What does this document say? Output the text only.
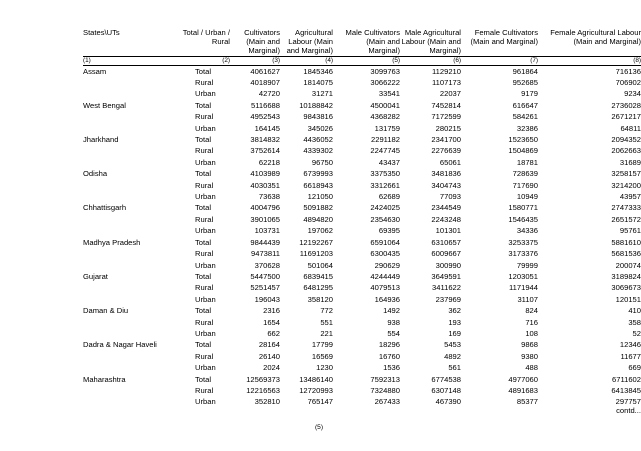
States\UTs	Total / Urban / Rural	Cultivators (Main and Marginal)	Agricultural Labour (Main and Marginal)	Male Cultivators (Main and Marginal)	Male Agricultural Labour (Main and Marginal)	Female Cultivators (Main and Marginal)	Female Agricultural Labour (Main and Marginal)
(1)	(2)	(3)	(4)	(5)	(6)	(7)	(8)
Assam	Total	4061627	1845346	3099763	1129210	961864	716136
	Rural	4018907	1814075	3066222	1107173	952685	706902
	Urban	42720	31271	33541	22037	9179	9234
West Bengal	Total	5116688	10188842	4500041	7452814	616647	2736028
	Rural	4952543	9843816	4368282	7172599	584261	2671217
	Urban	164145	345026	131759	280215	32386	64811
Jharkhand	Total	3814832	4436052	2291182	2341700	1523650	2094352
	Rural	3752614	4339302	2247745	2276639	1504869	2062663
	Urban	62218	96750	43437	65061	18781	31689
Odisha	Total	4103989	6739993	3375350	3481836	728639	3258157
	Rural	4030351	6618943	3312661	3404743	717690	3214200
	Urban	73638	121050	62689	77093	10949	43957
Chhattisgarh	Total	4004796	5091882	2424025	2344549	1580771	2747333
	Rural	3901065	4894820	2354630	2243248	1546435	2651572
	Urban	103731	197062	69395	101301	34336	95761
Madhya Pradesh	Total	9844439	12192267	6591064	6310657	3253375	5881610
	Rural	9473811	11691203	6300435	6009667	3173376	5681536
	Urban	370628	501064	290629	300990	79999	200074
Gujarat	Total	5447500	6839415	4244449	3649591	1203051	3189824
	Rural	5251457	6481295	4079513	3411622	1171944	3069673
	Urban	196043	358120	164936	237969	31107	120151
Daman & Diu	Total	2316	772	1492	362	824	410
	Rural	1654	551	938	193	716	358
	Urban	662	221	554	169	108	52
Dadra & Nagar Haveli	Total	28164	17799	18296	5453	9868	12346
	Rural	26140	16569	16760	4892	9380	11677
	Urban	2024	1230	1536	561	488	669
Maharashtra	Total	12569373	13486140	7592313	6774538	4977060	6711602
	Rural	12216563	12720993	7324880	6307148	4891683	6413845
	Urban	352810	765147	267433	467390	85377	297757
contd...
(5)
